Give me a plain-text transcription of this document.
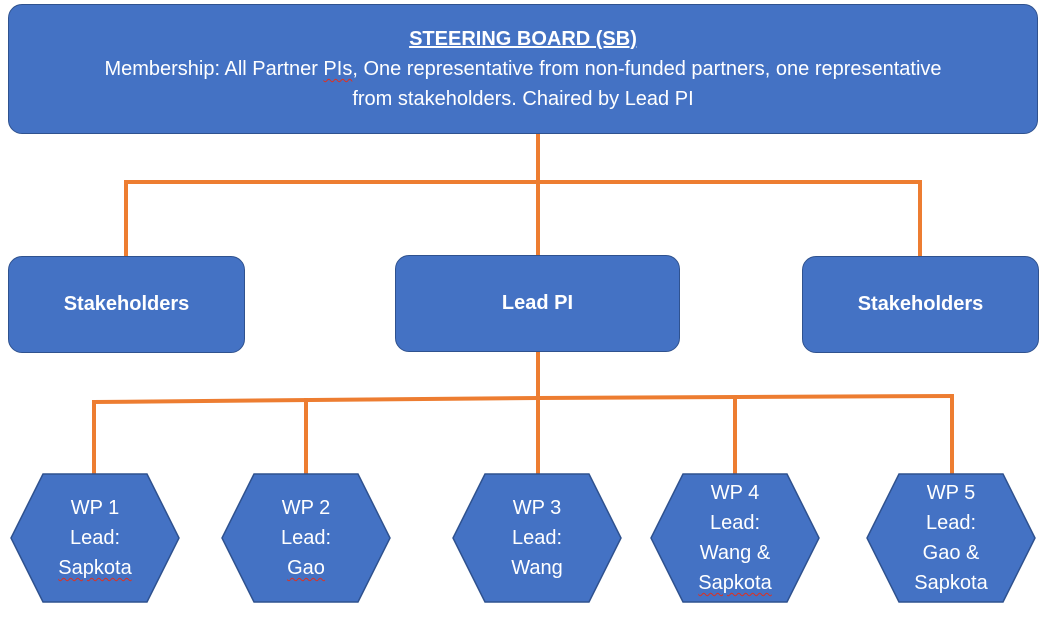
STEERING BOARD (SB)
Membership: All Partner PIs, One representative from non-funded partners, one representative
from stakeholders. Chaired by Lead PI
Stakeholders	Lead PI	Stakeholders
WP 1
Lead:
Sapkota
WP 2
Lead:
Gao
WP 3
Lead:
Wang
WP 4
Lead:
Wang &
Sapkota
WP 5
Lead:
Gao &
Sapkota
